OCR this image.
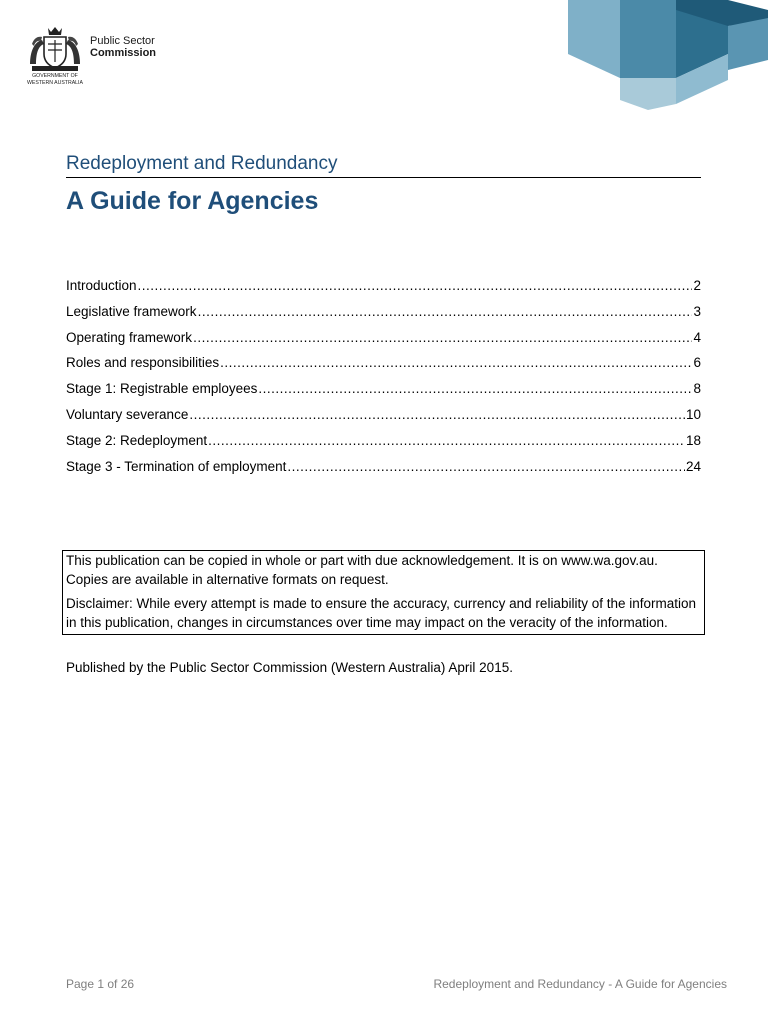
GOVERNMENT OF
WESTERN AUSTRALIA
Public Sector
Commission
Redeployment and Redundancy
A Guide for Agencies
Introduction .....	2
Legislative framework .....	3
Operating framework .....	4
Roles and responsibilities .....	6
Stage 1: Registrable employees .....	8
Voluntary severance .....	10
Stage 2: Redeployment .....	18
Stage 3 - Termination of employment .....	24

This publication can be copied in whole or part with due acknowledgement. It is on www.wa.gov.au. Copies are available in alternative formats on request.

Disclaimer: While every attempt is made to ensure the accuracy, currency and reliability of the information in this publication, changes in circumstances over time may impact on the veracity of the information.

Published by the Public Sector Commission (Western Australia) April 2015.
Page 1 of 26	Redeployment and Redundancy - A Guide for Agencies
